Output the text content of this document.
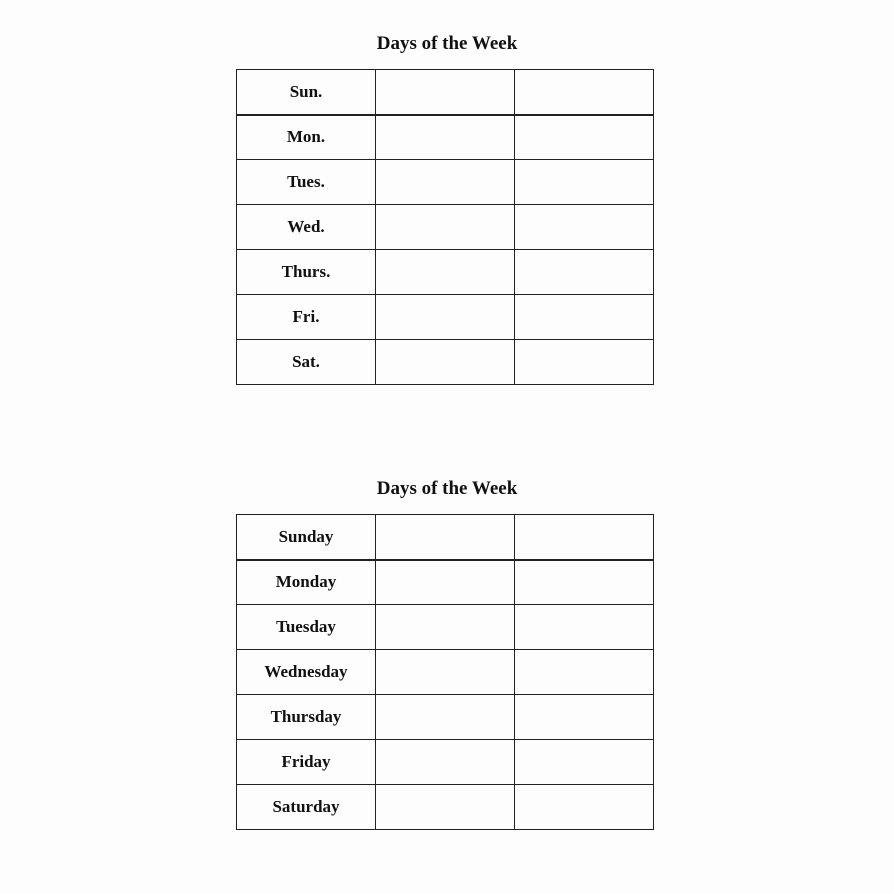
Days of the Week
Sun.		
Mon.		
Tues.		
Wed.		
Thurs.		
Fri.		
Sat.		
Days of the Week
Sunday		
Monday		
Tuesday		
Wednesday		
Thursday		
Friday		
Saturday		
